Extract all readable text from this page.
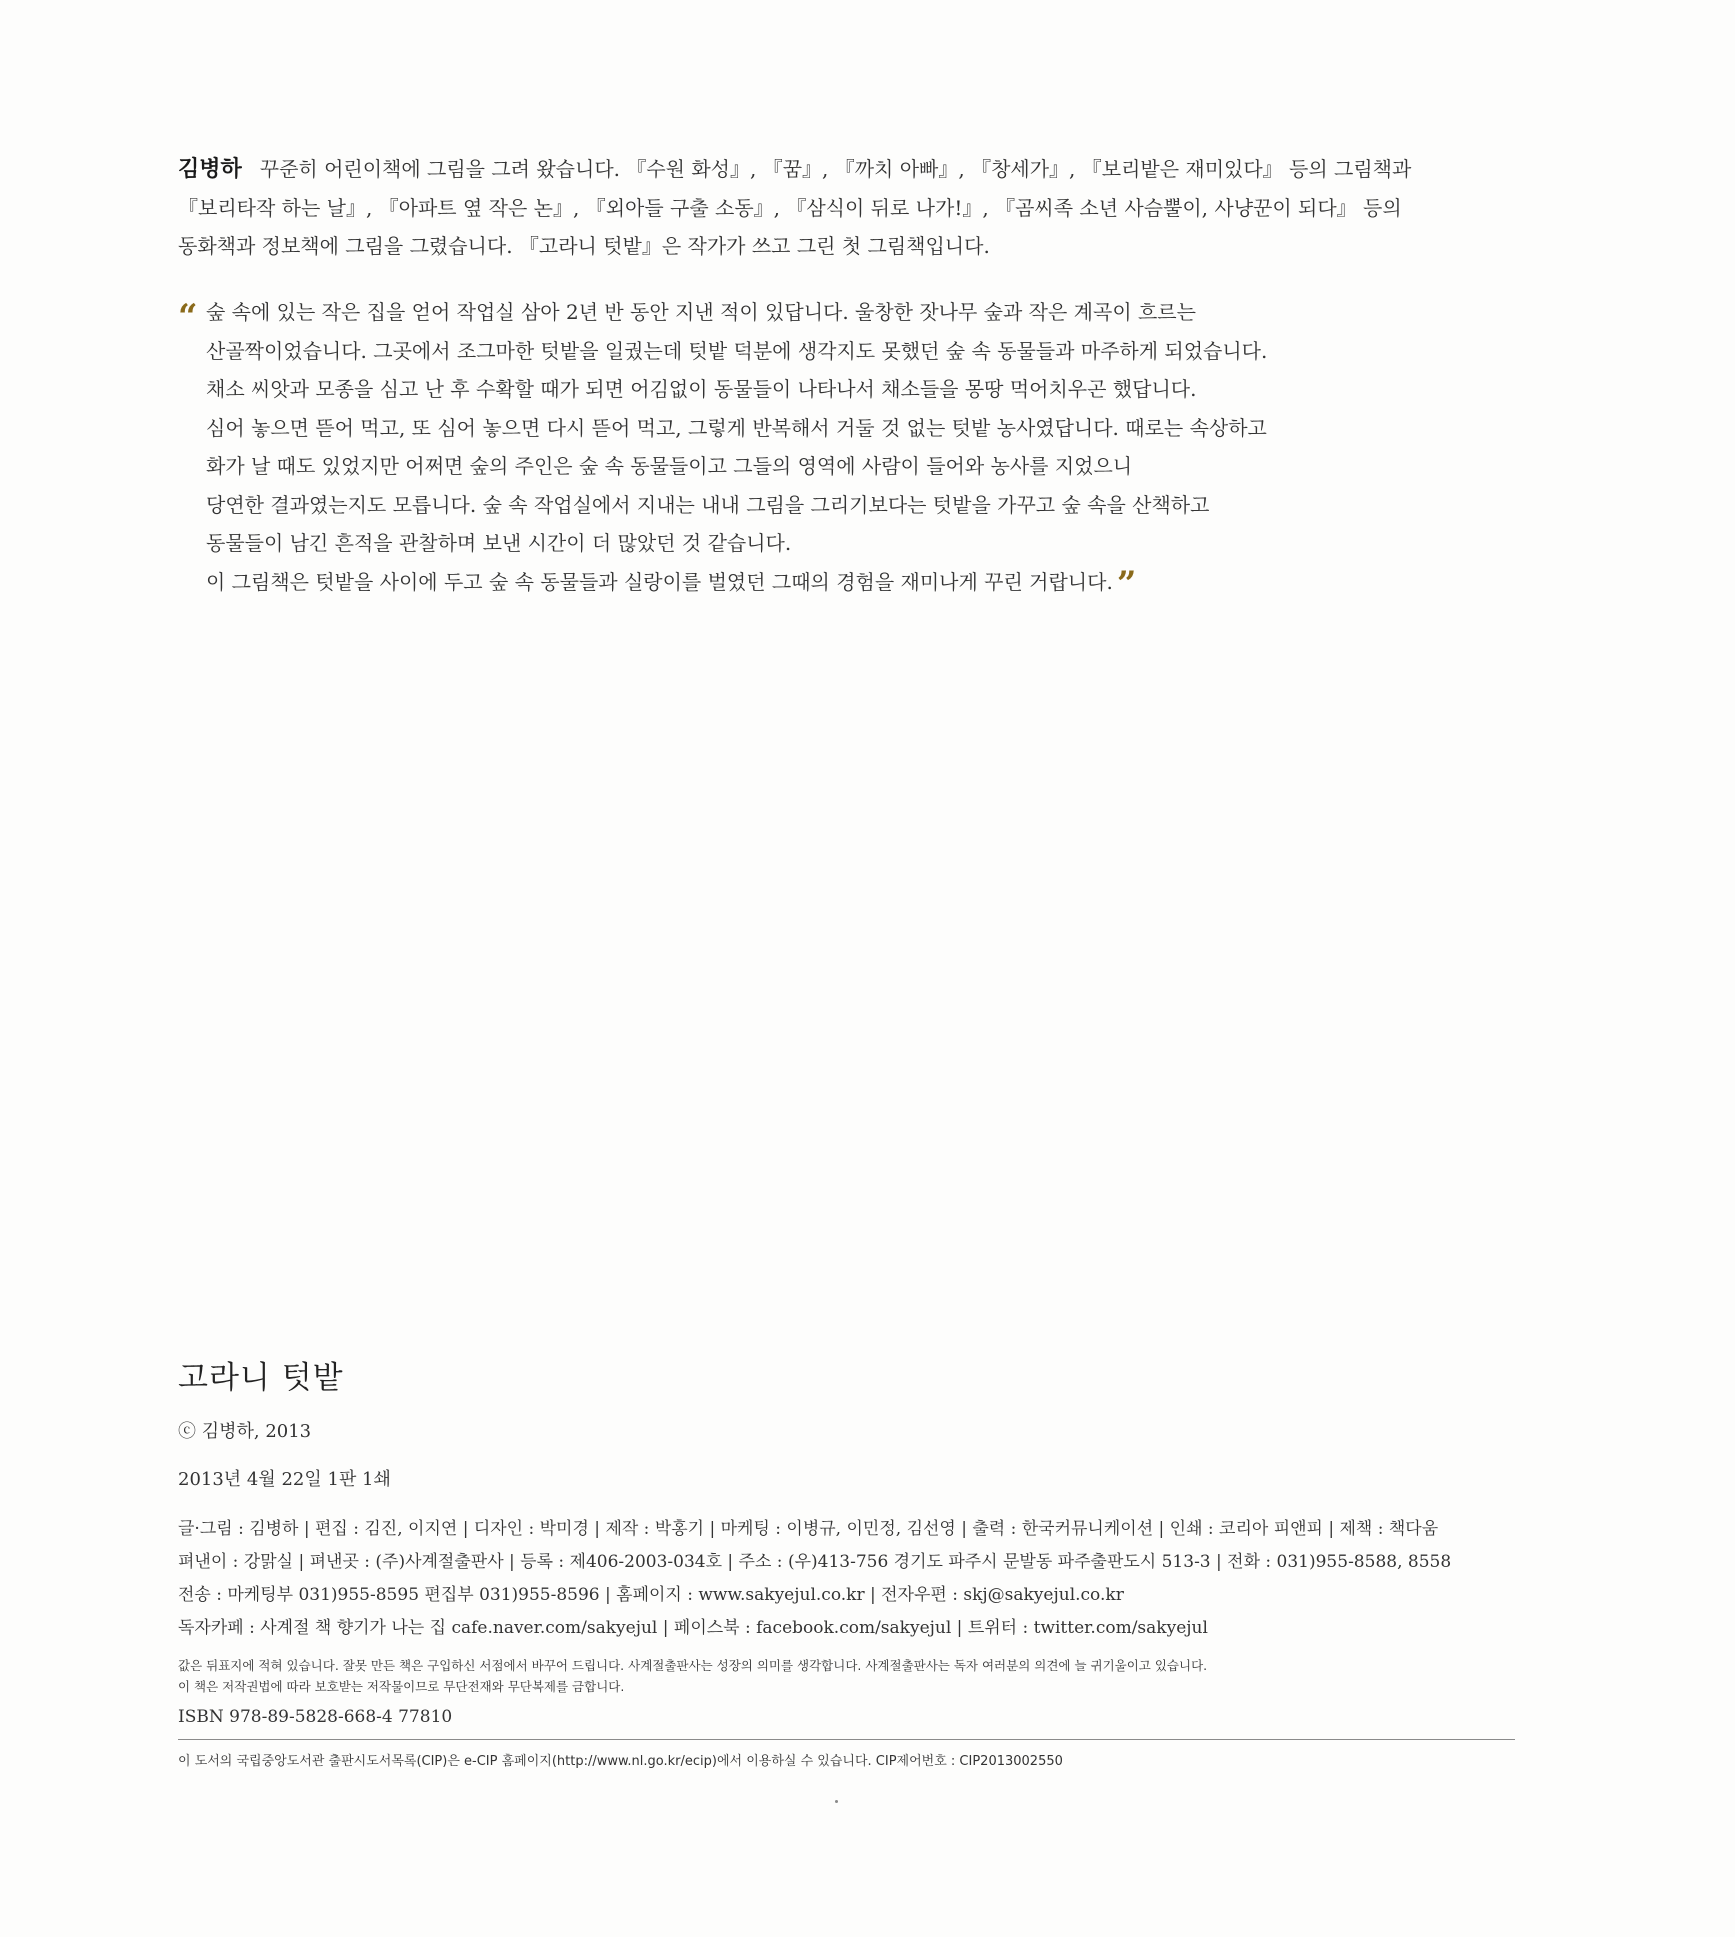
김병하 꾸준히 어린이책에 그림을 그려 왔습니다. 『수원 화성』, 『꿈』, 『까치 아빠』, 『창세가』, 『보리밭은 재미있다』 등의 그림책과
『보리타작 하는 날』, 『아파트 옆 작은 논』, 『외아들 구출 소동』, 『삼식이 뒤로 나가!』, 『곰씨족 소년 사슴뿔이, 사냥꾼이 되다』 등의
동화책과 정보책에 그림을 그렸습니다. 『고라니 텃밭』은 작가가 쓰고 그린 첫 그림책입니다.
“ 숲 속에 있는 작은 집을 얻어 작업실 삼아 2년 반 동안 지낸 적이 있답니다. 울창한 잣나무 숲과 작은 계곡이 흐르는
산골짝이었습니다. 그곳에서 조그마한 텃밭을 일궜는데 텃밭 덕분에 생각지도 못했던 숲 속 동물들과 마주하게 되었습니다.
채소 씨앗과 모종을 심고 난 후 수확할 때가 되면 어김없이 동물들이 나타나서 채소들을 몽땅 먹어치우곤 했답니다.
심어 놓으면 뜯어 먹고, 또 심어 놓으면 다시 뜯어 먹고, 그렇게 반복해서 거둘 것 없는 텃밭 농사였답니다. 때로는 속상하고
화가 날 때도 있었지만 어쩌면 숲의 주인은 숲 속 동물들이고 그들의 영역에 사람이 들어와 농사를 지었으니
당연한 결과였는지도 모릅니다. 숲 속 작업실에서 지내는 내내 그림을 그리기보다는 텃밭을 가꾸고 숲 속을 산책하고
동물들이 남긴 흔적을 관찰하며 보낸 시간이 더 많았던 것 같습니다.
이 그림책은 텃밭을 사이에 두고 숲 속 동물들과 실랑이를 벌였던 그때의 경험을 재미나게 꾸린 거랍니다. ”
고라니 텃밭
ⓒ 김병하, 2013
2013년 4월 22일 1판 1쇄
글·그림 : 김병하 | 편집 : 김진, 이지연 | 디자인 : 박미경 | 제작 : 박홍기 | 마케팅 : 이병규, 이민정, 김선영 | 출력 : 한국커뮤니케이션 | 인쇄 : 코리아 피앤피 | 제책 : 책다움
펴낸이 : 강맑실 | 펴낸곳 : (주)사계절출판사 | 등록 : 제406-2003-034호 | 주소 : (우)413-756 경기도 파주시 문발동 파주출판도시 513-3 | 전화 : 031)955-8588, 8558
전송 : 마케팅부 031)955-8595 편집부 031)955-8596 | 홈페이지 : www.sakyejul.co.kr | 전자우편 : skj@sakyejul.co.kr
독자카페 : 사계절 책 향기가 나는 집 cafe.naver.com/sakyejul | 페이스북 : facebook.com/sakyejul | 트위터 : twitter.com/sakyejul
값은 뒤표지에 적혀 있습니다. 잘못 만든 책은 구입하신 서점에서 바꾸어 드립니다. 사계절출판사는 성장의 의미를 생각합니다. 사계절출판사는 독자 여러분의 의견에 늘 귀기울이고 있습니다.
이 책은 저작권법에 따라 보호받는 저작물이므로 무단전재와 무단복제를 금합니다.
ISBN 978-89-5828-668-4 77810
이 도서의 국립중앙도서관 출판시도서목록(CIP)은 e-CIP 홈페이지(http://www.nl.go.kr/ecip)에서 이용하실 수 있습니다. CIP제어번호 : CIP2013002550
